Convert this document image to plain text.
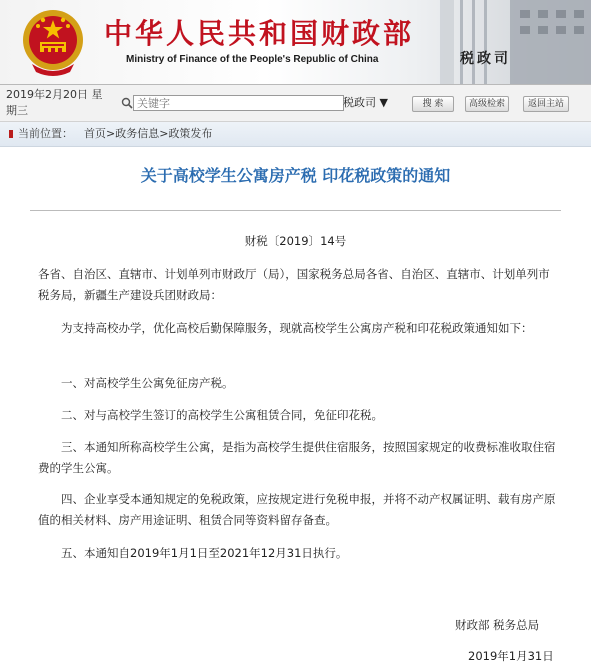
中华人民共和国财政部
Ministry of Finance of the People's Republic of China	税政司
2019年2月20日 星
期三
关键字
税政司 ▼	搜 索	高级检索	返回主站
当前位置： 首页>政务信息>政策发布
关于高校学生公寓房产税 印花税政策的通知
财税〔2019〕14号
各省、自治区、直辖市、计划单列市财政厅（局），国家税务总局各省、自治区、直辖市、计划单列市税务局，新疆生产建设兵团财政局：
为支持高校办学，优化高校后勤保障服务，现就高校学生公寓房产税和印花税政策通知如下：
一、对高校学生公寓免征房产税。
二、对与高校学生签订的高校学生公寓租赁合同，免征印花税。
三、本通知所称高校学生公寓，是指为高校学生提供住宿服务，按照国家规定的收费标准收取住宿费的学生公寓。
四、企业享受本通知规定的免税政策，应按规定进行免税申报，并将不动产权属证明、载有房产原值的相关材料、房产用途证明、租赁合同等资料留存备查。
五、本通知自2019年1月1日至2021年12月31日执行。
财政部 税务总局
2019年1月31日
